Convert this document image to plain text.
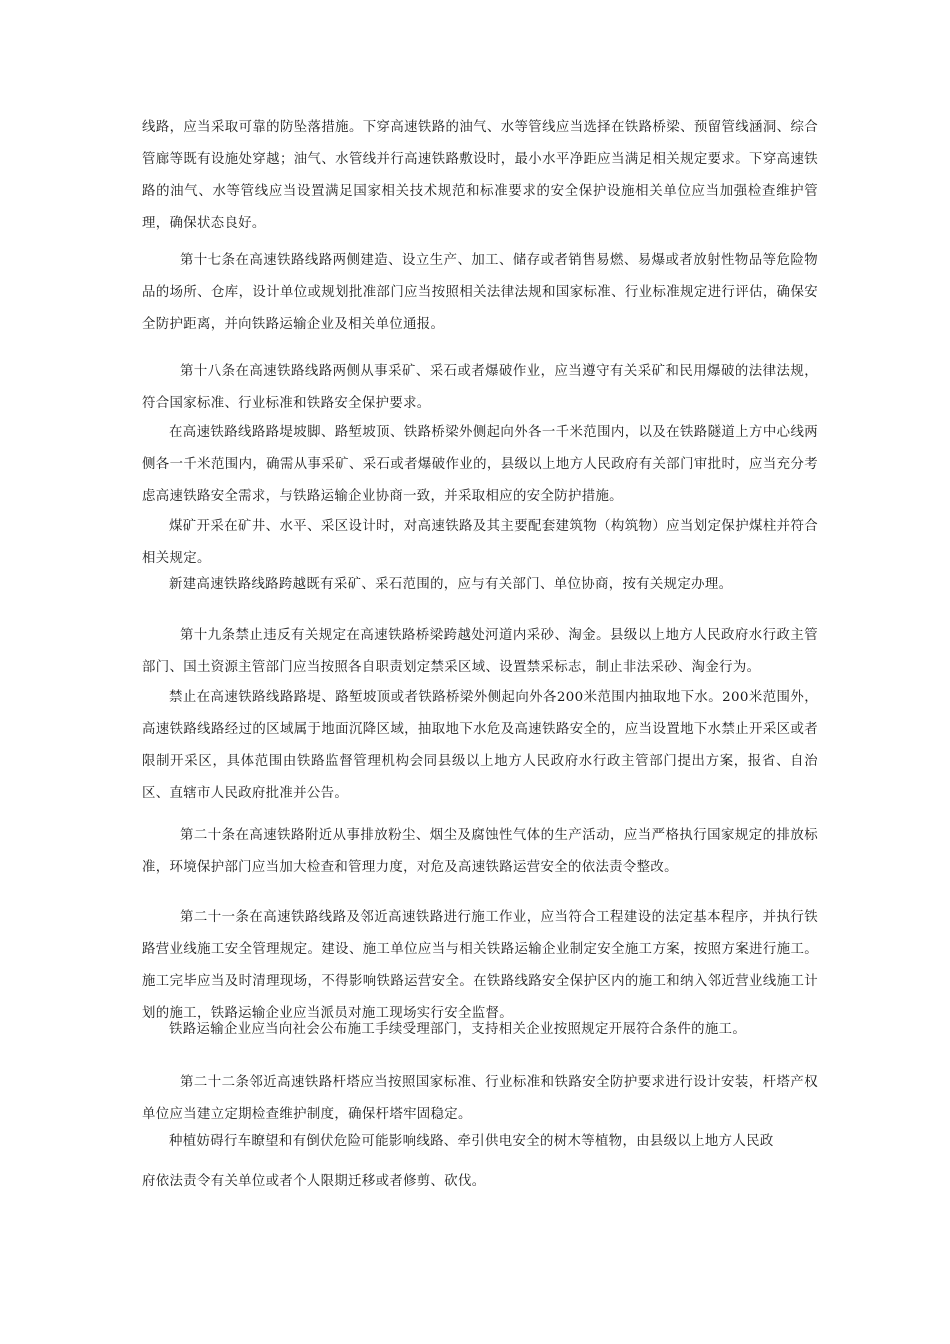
线路，应当采取可靠的防坠落措施。下穿高速铁路的油气、水等管线应当选择在铁路桥梁、预留管线涵洞、综合管廊等既有设施处穿越；油气、水管线并行高速铁路敷设时，最小水平净距应当满足相关规定要求。下穿高速铁路的油气、水等管线应当设置满足国家相关技术规范和标准要求的安全保护设施相关单位应当加强检查维护管理，确保状态良好。

第十七条在高速铁路线路两侧建造、设立生产、加工、储存或者销售易燃、易爆或者放射性物品等危险物品的场所、仓库，设计单位或规划批准部门应当按照相关法律法规和国家标准、行业标准规定进行评估，确保安全防护距离，并向铁路运输企业及相关单位通报。

第十八条在高速铁路线路两侧从事采矿、采石或者爆破作业，应当遵守有关采矿和民用爆破的法律法规，符合国家标准、行业标准和铁路安全保护要求。

在高速铁路线路路堤坡脚、路堑坡顶、铁路桥梁外侧起向外各一千米范围内，以及在铁路隧道上方中心线两侧各一千米范围内，确需从事采矿、采石或者爆破作业的，县级以上地方人民政府有关部门审批时，应当充分考虑高速铁路安全需求，与铁路运输企业协商一致，并采取相应的安全防护措施。

煤矿开采在矿井、水平、采区设计时，对高速铁路及其主要配套建筑物（构筑物）应当划定保护煤柱并符合相关规定。

新建高速铁路线路跨越既有采矿、采石范围的，应与有关部门、单位协商，按有关规定办理。

第十九条禁止违反有关规定在高速铁路桥梁跨越处河道内采砂、淘金。县级以上地方人民政府水行政主管部门、国土资源主管部门应当按照各自职责划定禁采区域、设置禁采标志，制止非法采砂、淘金行为。

禁止在高速铁路线路路堤、路堑坡顶或者铁路桥梁外侧起向外各200米范围内抽取地下水。200米范围外，高速铁路线路经过的区域属于地面沉降区域，抽取地下水危及高速铁路安全的，应当设置地下水禁止开采区或者限制开采区，具体范围由铁路监督管理机构会同县级以上地方人民政府水行政主管部门提出方案，报省、自治区、直辖市人民政府批准并公告。

第二十条在高速铁路附近从事排放粉尘、烟尘及腐蚀性气体的生产活动，应当严格执行国家规定的排放标准，环境保护部门应当加大检查和管理力度，对危及高速铁路运营安全的依法责令整改。

第二十一条在高速铁路线路及邻近高速铁路进行施工作业，应当符合工程建设的法定基本程序，并执行铁路营业线施工安全管理规定。建设、施工单位应当与相关铁路运输企业制定安全施工方案，按照方案进行施工。施工完毕应当及时清理现场，不得影响铁路运营安全。在铁路线路安全保护区内的施工和纳入邻近营业线施工计划的施工，铁路运输企业应当派员对施工现场实行安全监督。

铁路运输企业应当向社会公布施工手续受理部门，支持相关企业按照规定开展符合条件的施工。

第二十二条邻近高速铁路杆塔应当按照国家标准、行业标准和铁路安全防护要求进行设计安装，杆塔产权单位应当建立定期检查维护制度，确保杆塔牢固稳定。

种植妨碍行车瞭望和有倒伏危险可能影响线路、牵引供电安全的树木等植物，由县级以上地方人民政

府依法责令有关单位或者个人限期迁移或者修剪、砍伐。
